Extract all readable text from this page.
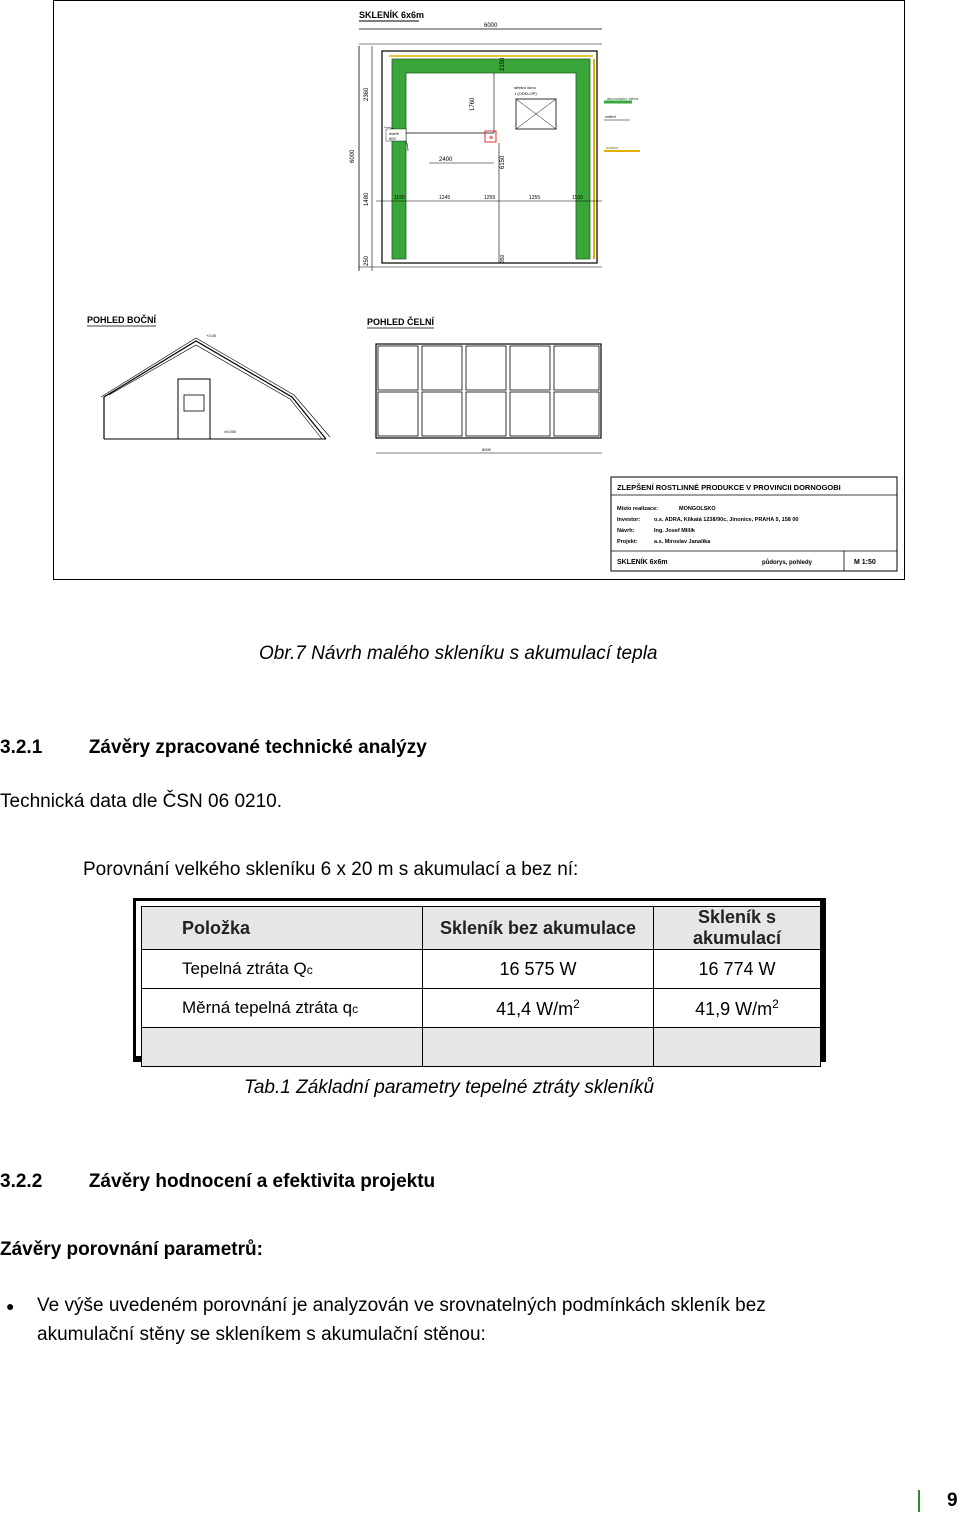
SKLENÍK 6x6m
6000
6000
2360
1480
250
1760
2150
⊗
2400	6150
střešní okno
1 (ODKLOP)
dveře
800
1150	1245	1255	1255	1160
350
akumulační stěna
vnitřní
izolace
POHLED BOČNÍ
+3,00
±0,000
POHLED ČELNÍ
6000
ZLEPŠENÍ ROSTLINNÉ PRODUKCE V PROVINCII DORNOGOBI
Místo realizace:	MONGOLSKO
Investor:	o.s. ADRA, Klikatá 1238/90c, Jinonice, PRAHA 5, 158 00
Návrh:	Ing. Josef Mlílík
Projekt:	a.s. Miroslav Janalíka
SKLENÍK 6x6m	půdorys, pohledy	M 1:50
Obr.7 Návrh malého skleníku s akumulací tepla
3.2.1 Závěry zpracované technické analýzy
Technická data dle ČSN 06 0210.
Porovnání velkého skleníku 6 x 20 m s akumulací a bez ní:
Položka	Skleník bez akumulace	Skleník s akumulací
Tepelná ztráta Qc	16 575 W	16 774 W
Měrná tepelná ztráta qc	41,4 $W/m^2$	41,9 $W/m^2$

Tab.1 Základní parametry tepelné ztráty skleníků
3.2.2 Závěry hodnocení a efektivita projektu
Závěry porovnání parametrů:
● Ve výše uvedeném porovnání je analyzován ve srovnatelných podmínkách skleník bez
akumulační stěny se skleníkem s akumulační stěnou:
9
